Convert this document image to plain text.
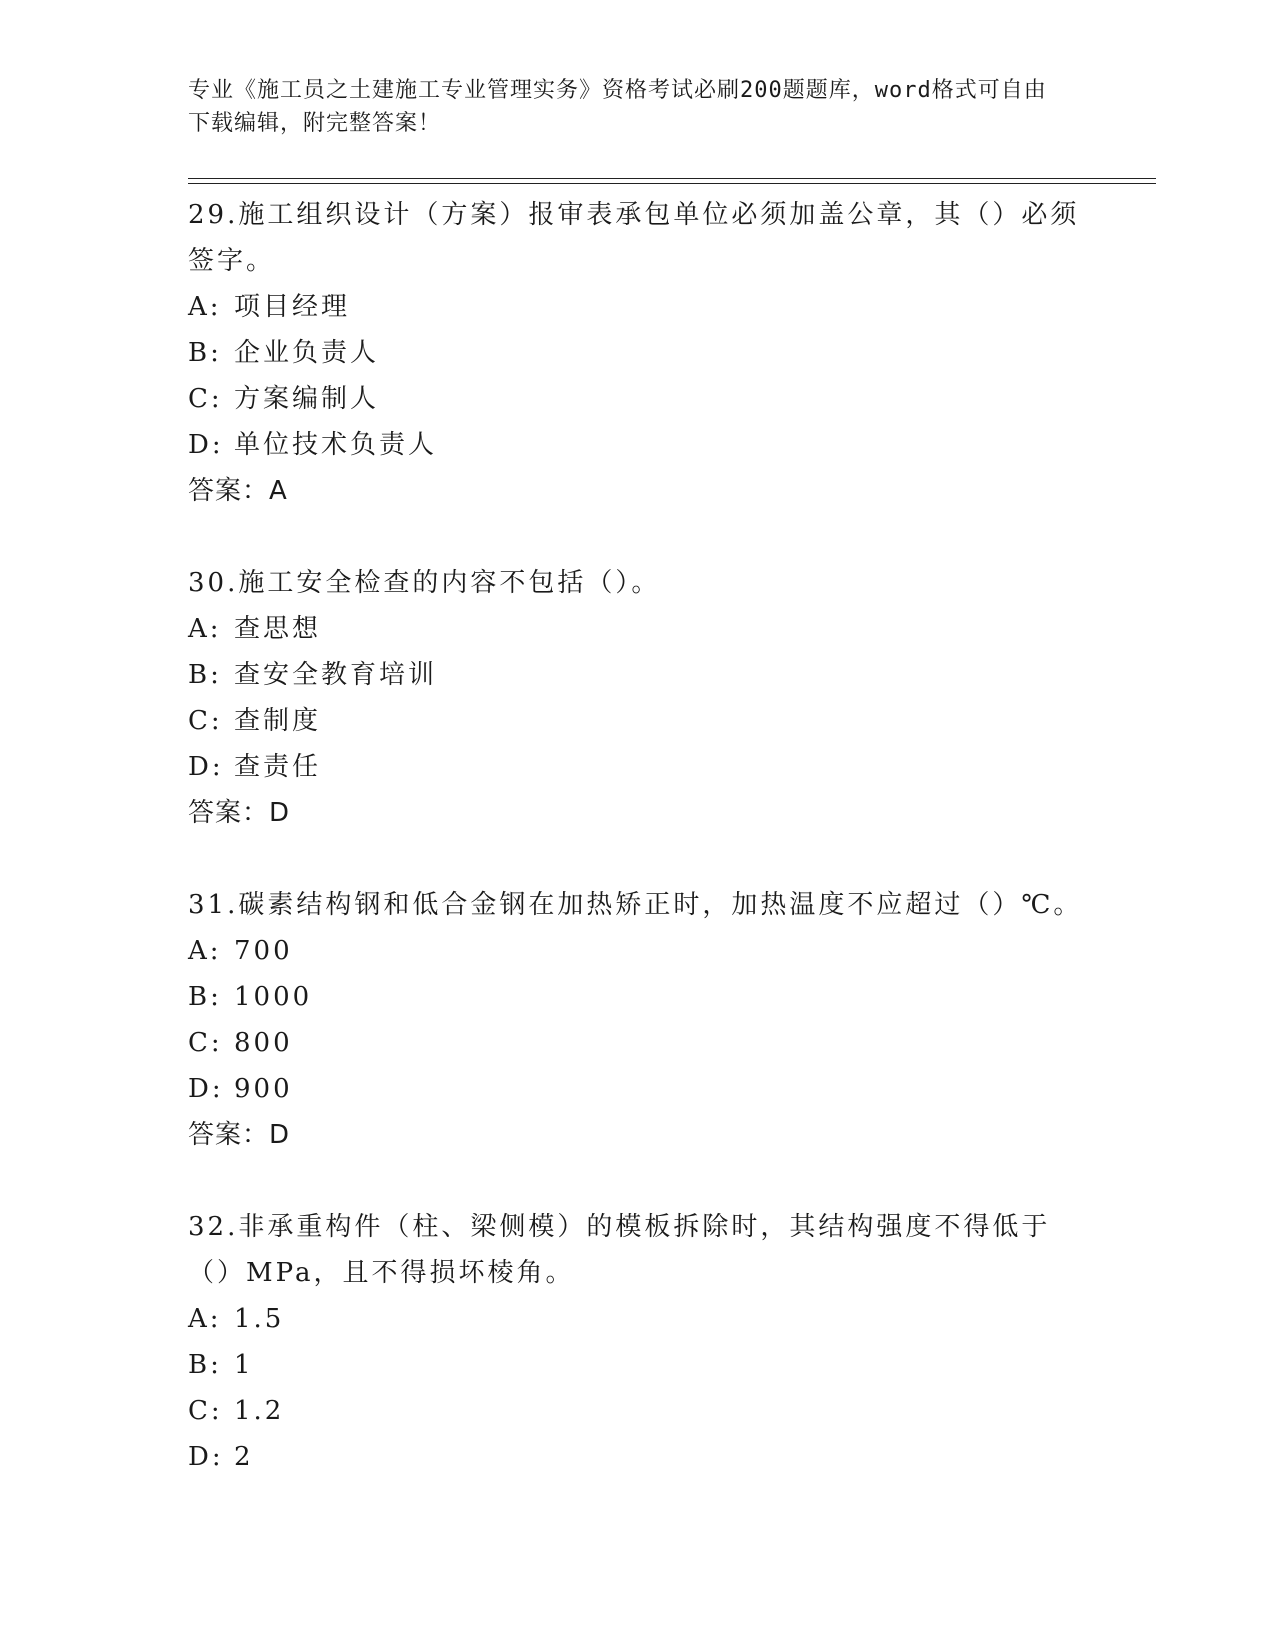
专业《施工员之土建施工专业管理实务》资格考试必刷200题题库，word格式可自由下载编辑，附完整答案！
29.施工组织设计（方案）报审表承包单位必须加盖公章，其（）必须签字。
A: 项目经理
B: 企业负责人
C: 方案编制人
D: 单位技术负责人
答案：A
30.施工安全检查的内容不包括（）。
A: 查思想
B: 查安全教育培训
C: 查制度
D: 查责任
答案：D
31.碳素结构钢和低合金钢在加热矫正时，加热温度不应超过（）℃。
A: 700
B: 1000
C: 800
D: 900
答案：D
32.非承重构件（柱、梁侧模）的模板拆除时，其结构强度不得低于（）MPa，且不得损坏棱角。
A: 1.5
B: 1
C: 1.2
D: 2
